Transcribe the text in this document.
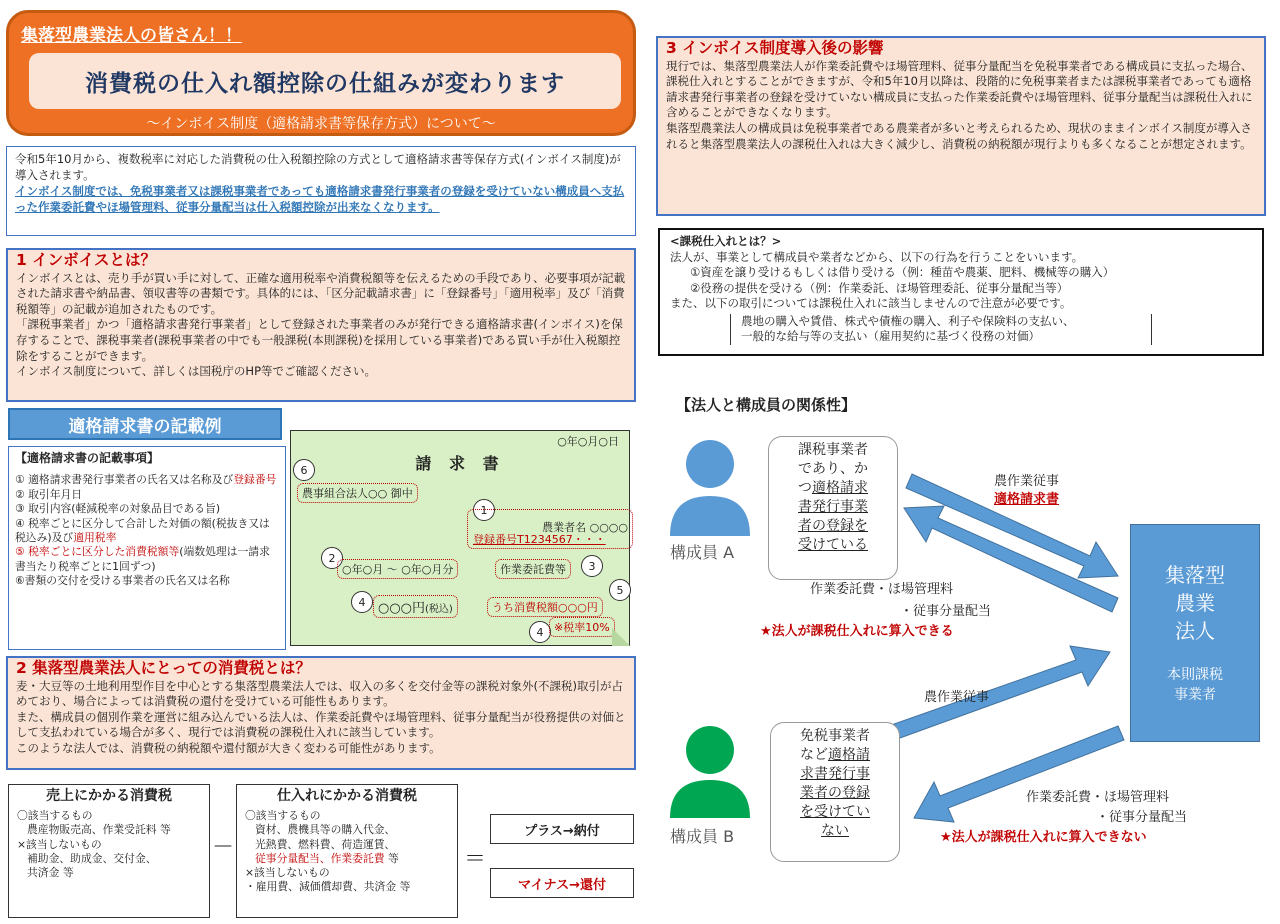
集落型農業法人の皆さん！！
消費税の仕入れ額控除の仕組みが変わります
～インボイス制度（適格請求書等保存方式）について～

令和5年10月から、複数税率に対応した消費税の仕入税額控除の方式として適格請求書等保存方式(インボイス制度)が導入されます。

インボイス制度では、免税事業者又は課税事業者であっても適格請求書発行事業者の登録を受けていない構成員へ支払った作業委託費やほ場管理料、従事分量配当は仕入税額控除が出来なくなります。

1 インボイスとは？

インボイスとは、売り手が買い手に対して、正確な適用税率や消費税額等を伝えるための手段であり、必要事項が記載された請求書や納品書、領収書等の書類です。具体的には、「区分記載請求書」に「登録番号」「適用税率」及び「消費税額等」の記載が追加されたものです。

「課税事業者」かつ「適格請求書発行事業者」として登録された事業者のみが発行できる適格請求書(インボイス)を保存することで、課税事業者(課税事業者の中でも一般課税(本則課税)を採用している事業者)である買い手が仕入税額控除をすることができます。

インボイス制度について、詳しくは国税庁のHP等でご確認ください。

適格請求書の記載例
【適格請求書の記載事項】

① 適格請求書発行事業者の氏名又は名称及び登録番号

② 取引年月日

③ 取引内容(軽減税率の対象品目である旨)

④ 税率ごとに区分して合計した対価の額(税抜き又は税込み)及び適用税率

⑤ 税率ごとに区分した消費税額等(端数処理は一請求書当たり税率ごとに1回ずつ)

⑥書類の交付を受ける事業者の氏名又は名称

○年○月○日
請 求 書
6
農事組合法人○○ 御中
1
農業者名 ○○○○
登録番号T1234567・・・
2
○年○月 ～ ○年○月分	作業委託費等	3
4 ○○○円(税込)
5
うち消費税額○○○円
4 ※税率10%
2 集落型農業法人にとっての消費税とは？

麦・大豆等の土地利用型作目を中心とする集落型農業法人では、収入の多くを交付金等の課税対象外(不課税)取引が占めており、場合によっては消費税の還付を受けている可能性もあります。

また、構成員の個別作業を運営に組み込んでいる法人は、作業委託費やほ場管理料、従事分量配当が役務提供の対価として支払われている場合が多く、現行では消費税の課税仕入れに該当しています。

このような法人では、消費税の納税額や還付額が大きく変わる可能性があります。

売上にかかる消費税

〇該当するもの

農産物販売高、作業受託料 等

×該当しないもの

補助金、助成金、交付金、

共済金 等

－
仕入れにかかる消費税

〇該当するもの

資材、農機具等の購入代金、

光熱費、燃料費、荷造運賃、

従事分量配当、作業委託費 等

×該当しないもの

・雇用費、減価償却費、共済金 等

＝
プラス→納付
マイナス→還付
3 インボイス制度導入後の影響

現行では、集落型農業法人が作業委託費やほ場管理料、従事分量配当を免税事業者である構成員に支払った場合、課税仕入れとすることができますが、令和5年10月以降は、段階的に免税事業者または課税事業者であっても適格請求書発行事業者の登録を受けていない構成員に支払った作業委託費やほ場管理料、従事分量配当は課税仕入れに含めることができなくなります。

集落型農業法人の構成員は免税事業者である農業者が多いと考えられるため、現状のままインボイス制度が導入されると集落型農業法人の課税仕入れは大きく減少し、消費税の納税額が現行よりも多くなることが想定されます。

<課税仕入れとは？>

法人が、事業として構成員や業者などから、以下の行為を行うことをいいます。

①資産を譲り受けるもしくは借り受ける（例：種苗や農薬、肥料、機械等の購入）

②役務の提供を受ける（例：作業委託、ほ場管理委託、従事分量配当等）

また、以下の取引については課税仕入れに該当しませんので注意が必要です。

農地の購入や賃借、株式や債権の購入、利子や保険料の支払い、

一般的な給与等の支払い（雇用契約に基づく役務の対価）

【法人と構成員の関係性】
構成員 A
構成員 B
課税事業者
であり、か
つ適格請求
書発行事業
者の登録を
受けている
免税事業者
など適格請
求書発行事
業者の登録
を受けてい
ない
農作業従事
適格請求書
作業委託費・ほ場管理料
・従事分量配当
★法人が課税仕入れに算入できる
農作業従事
作業委託費・ほ場管理料
・従事分量配当
★法人が課税仕入れに算入できない
集落型
農業
法人
本則課税
事業者
